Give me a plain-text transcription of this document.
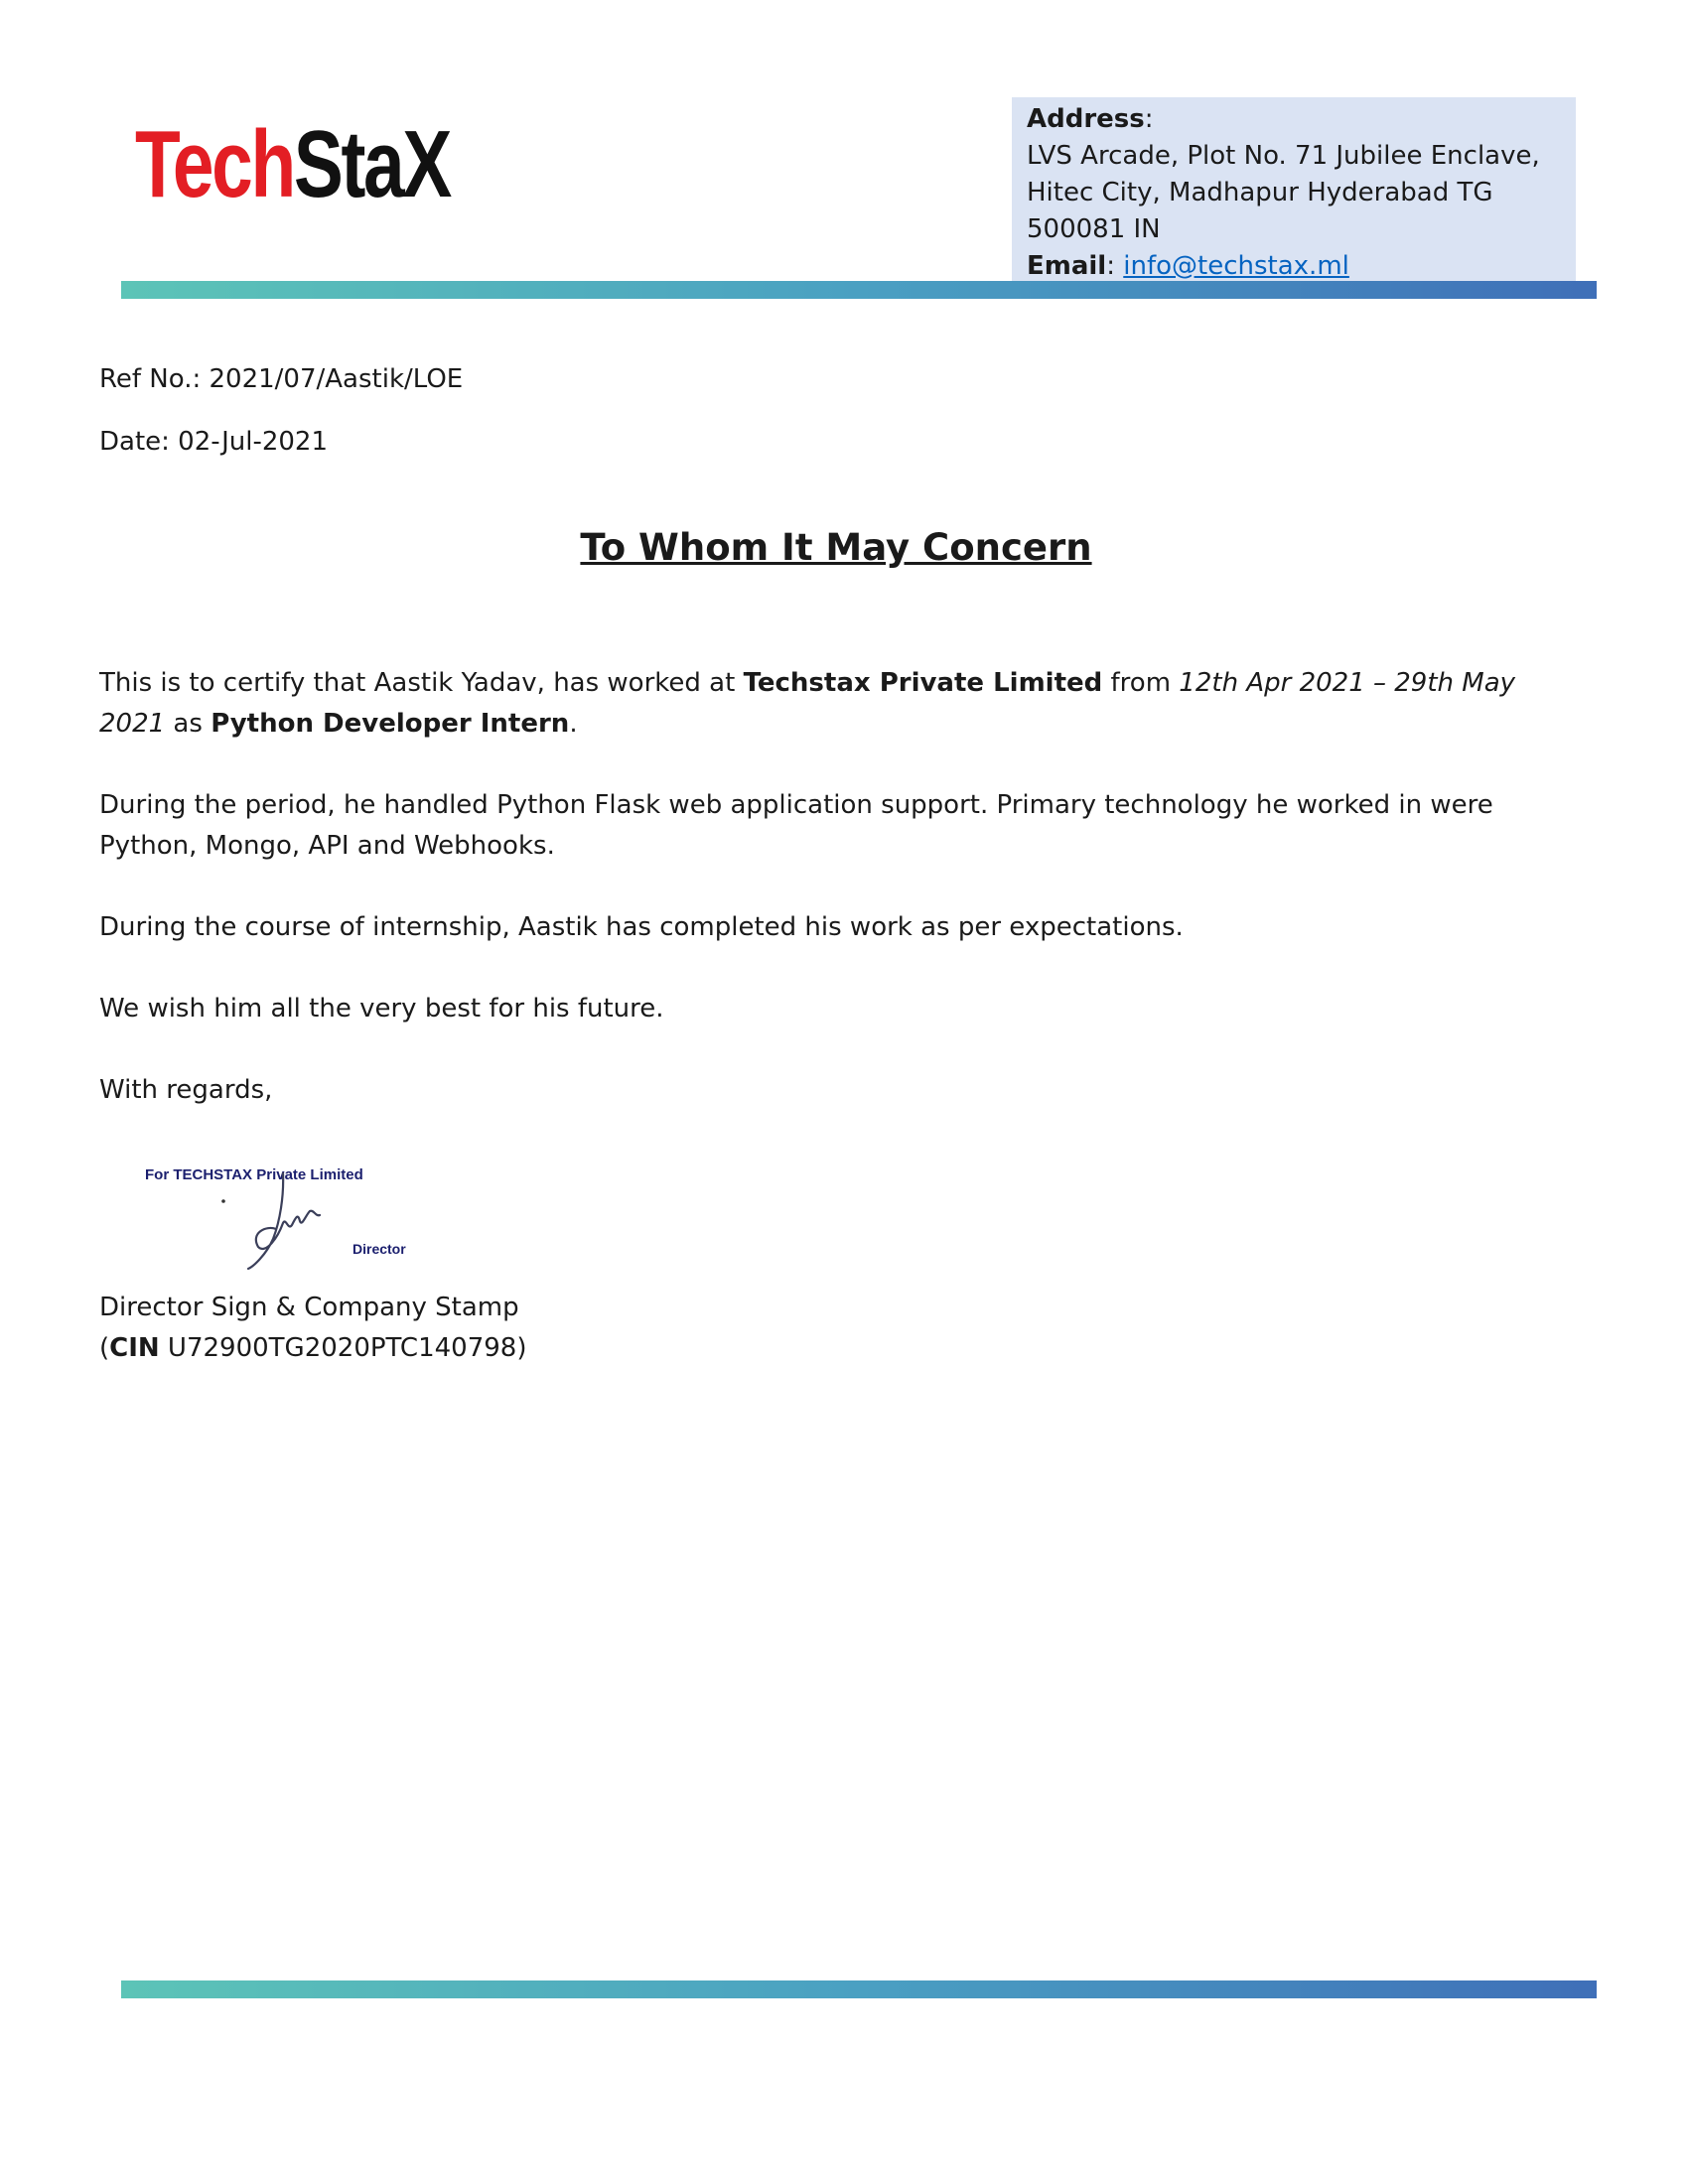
TechStaX	Address:
LVS Arcade, Plot No. 71 Jubilee Enclave,
Hitec City, Madhapur Hyderabad TG
500081 IN
Email: info@techstax.ml
Ref No.: 2021/07/Aastik/LOE
Date: 02-Jul-2021
To Whom It May Concern
This is to certify that Aastik Yadav, has worked at Techstax Private Limited from 12th Apr 2021 – 29th May 2021 as Python Developer Intern.
During the period, he handled Python Flask web application support. Primary technology he worked in were Python, Mongo, API and Webhooks.
During the course of internship, Aastik has completed his work as per expectations.
We wish him all the very best for his future.
With regards,
For TECHSTAX Private Limited
Director
Director Sign & Company Stamp
(CIN U72900TG2020PTC140798)
